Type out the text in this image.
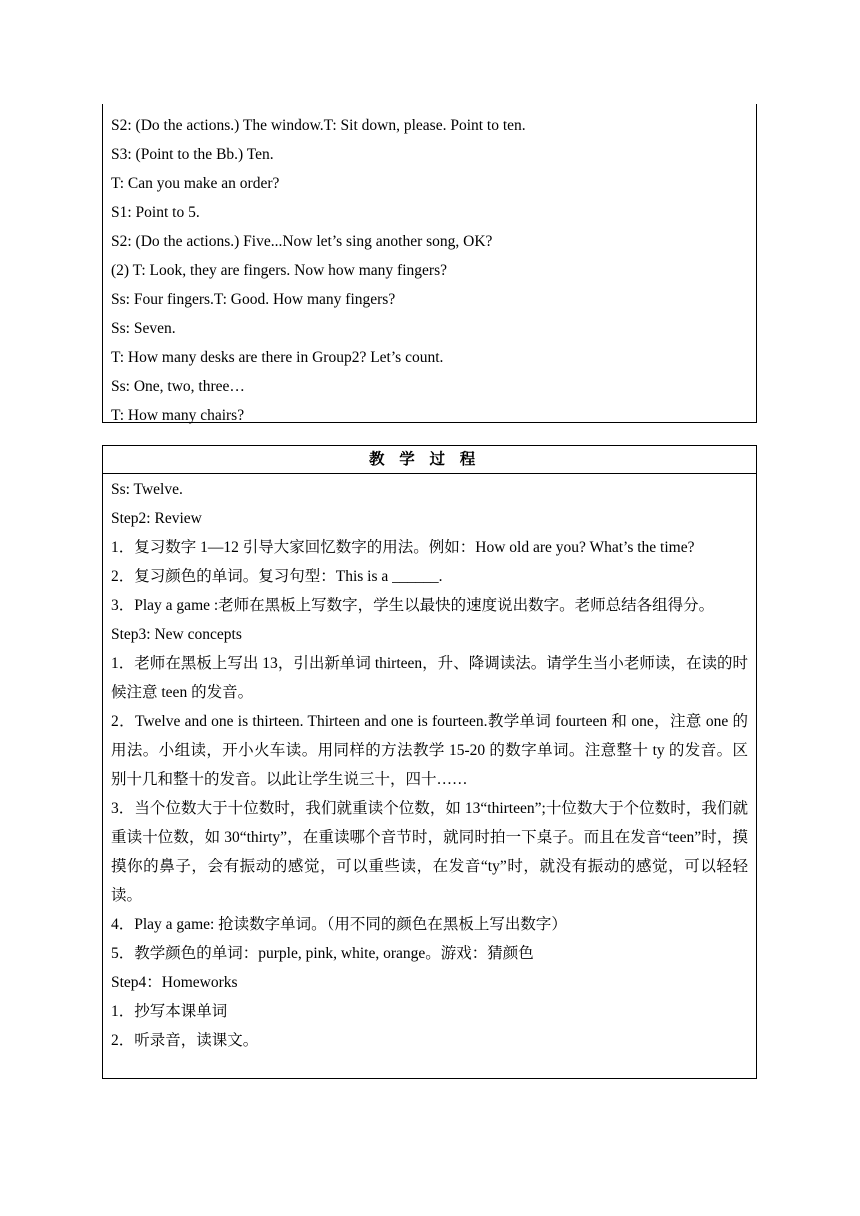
S2: (Do the actions.) The window.T: Sit down, please. Point to ten.
S3: (Point to the Bb.) Ten.
T: Can you make an order?
S1: Point to 5.
S2: (Do the actions.) Five...Now let’s sing another song, OK?
(2) T: Look, they are fingers. Now how many fingers?
Ss: Four fingers.T: Good. How many fingers?
Ss: Seven.
T: How many desks are there in Group2? Let’s count.
Ss: One, two, three…
T: How many chairs?
教学过程
Ss: Twelve.
Step2: Review
1．复习数字 1—12 引导大家回忆数字的用法。例如：How old are you? What’s the time?
2．复习颜色的单词。复习句型：This is a ______.
3．Play a game :老师在黑板上写数字，学生以最快的速度说出数字。老师总结各组得分。
Step3: New concepts
1．老师在黑板上写出 13，引出新单词 thirteen，升、降调读法。请学生当小老师读，在读的时候注意 teen 的发音。
2．Twelve and one is thirteen. Thirteen and one is fourteen.教学单词 fourteen 和 one，注意 one 的用法。小组读，开小火车读。用同样的方法教学 15-20 的数字单词。注意整十 ty 的发音。区别十几和整十的发音。以此让学生说三十，四十……
3．当个位数大于十位数时，我们就重读个位数，如 13“thirteen”;十位数大于个位数时，我们就重读十位数，如 30“thirty”，在重读哪个音节时，就同时拍一下桌子。而且在发音“teen”时，摸摸你的鼻子，会有振动的感觉，可以重些读，在发音“ty”时，就没有振动的感觉，可以轻轻读。
4．Play a game: 抢读数字单词。（用不同的颜色在黑板上写出数字）
5．教学颜色的单词：purple, pink, white, orange。游戏：猜颜色
Step4：Homeworks
1．抄写本课单词
2．听录音，读课文。
